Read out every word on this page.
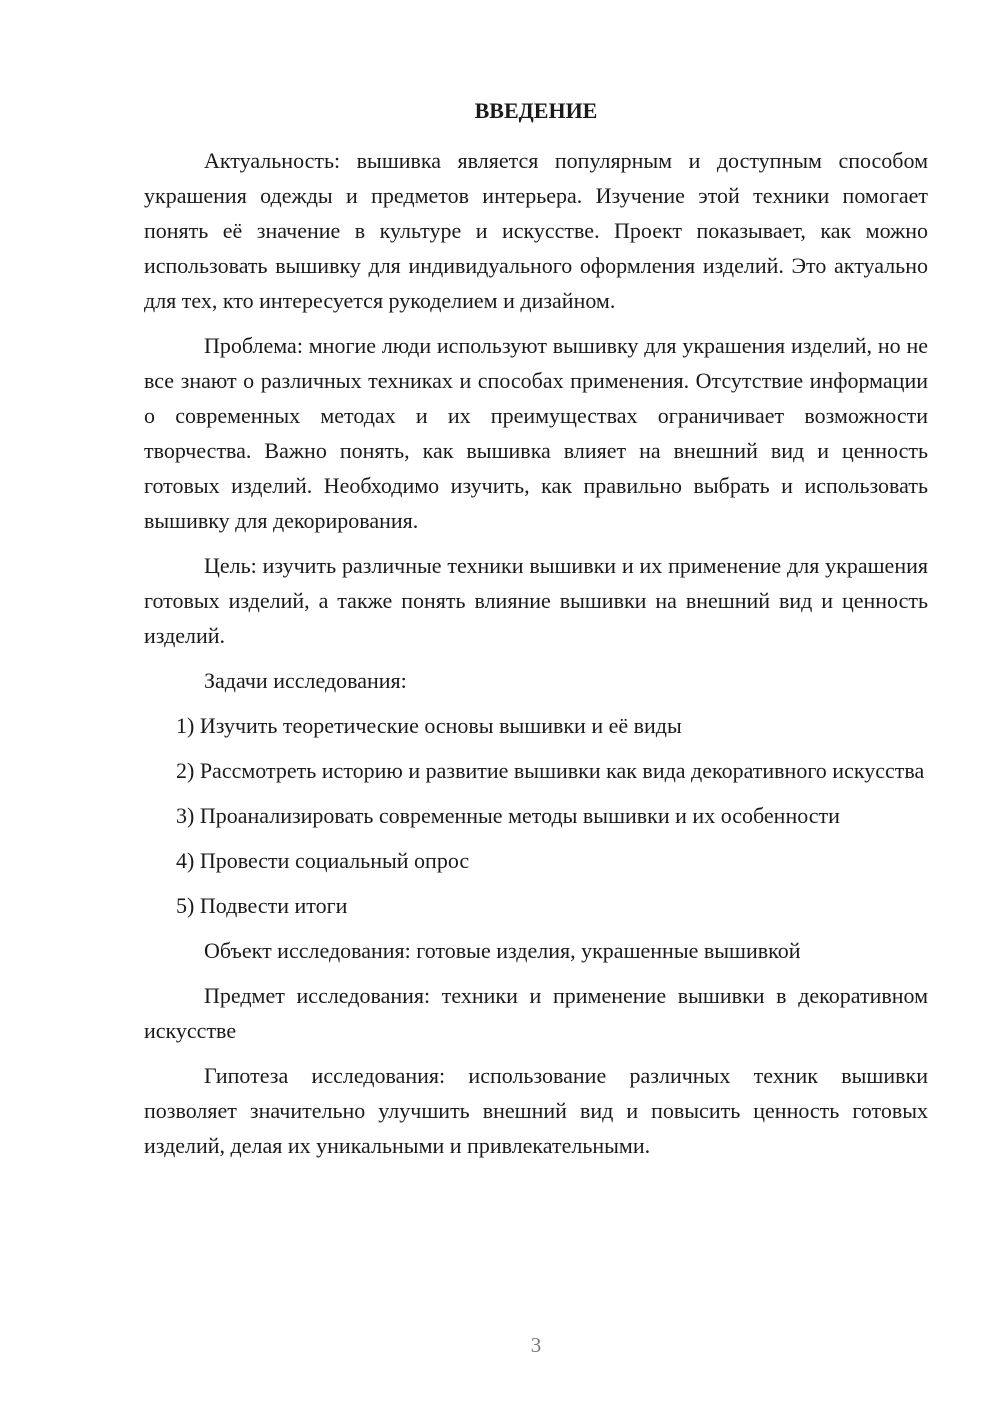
ВВЕДЕНИЕ

Актуальность: вышивка является популярным и доступным способом украшения одежды и предметов интерьера. Изучение этой техники помогает понять её значение в культуре и искусстве. Проект показывает, как можно использовать вышивку для индивидуального оформления изделий. Это актуально для тех, кто интересуется рукоделием и дизайном.

Проблема: многие люди используют вышивку для украшения изделий, но не все знают о различных техниках и способах применения. Отсутствие информации о современных методах и их преимуществах ограничивает возможности творчества. Важно понять, как вышивка влияет на внешний вид и ценность готовых изделий. Необходимо изучить, как правильно выбрать и использовать вышивку для декорирования.

Цель: изучить различные техники вышивки и их применение для украшения готовых изделий, а также понять влияние вышивки на внешний вид и ценность изделий.

Задачи исследования:

1) Изучить теоретические основы вышивки и её виды

2) Рассмотреть историю и развитие вышивки как вида декоративного искусства

3) Проанализировать современные методы вышивки и их особенности

4) Провести социальный опрос

5) Подвести итоги

Объект исследования: готовые изделия, украшенные вышивкой

Предмет исследования: техники и применение вышивки в декоративном искусстве

Гипотеза исследования: использование различных техник вышивки позволяет значительно улучшить внешний вид и повысить ценность готовых изделий, делая их уникальными и привлекательными.

3
